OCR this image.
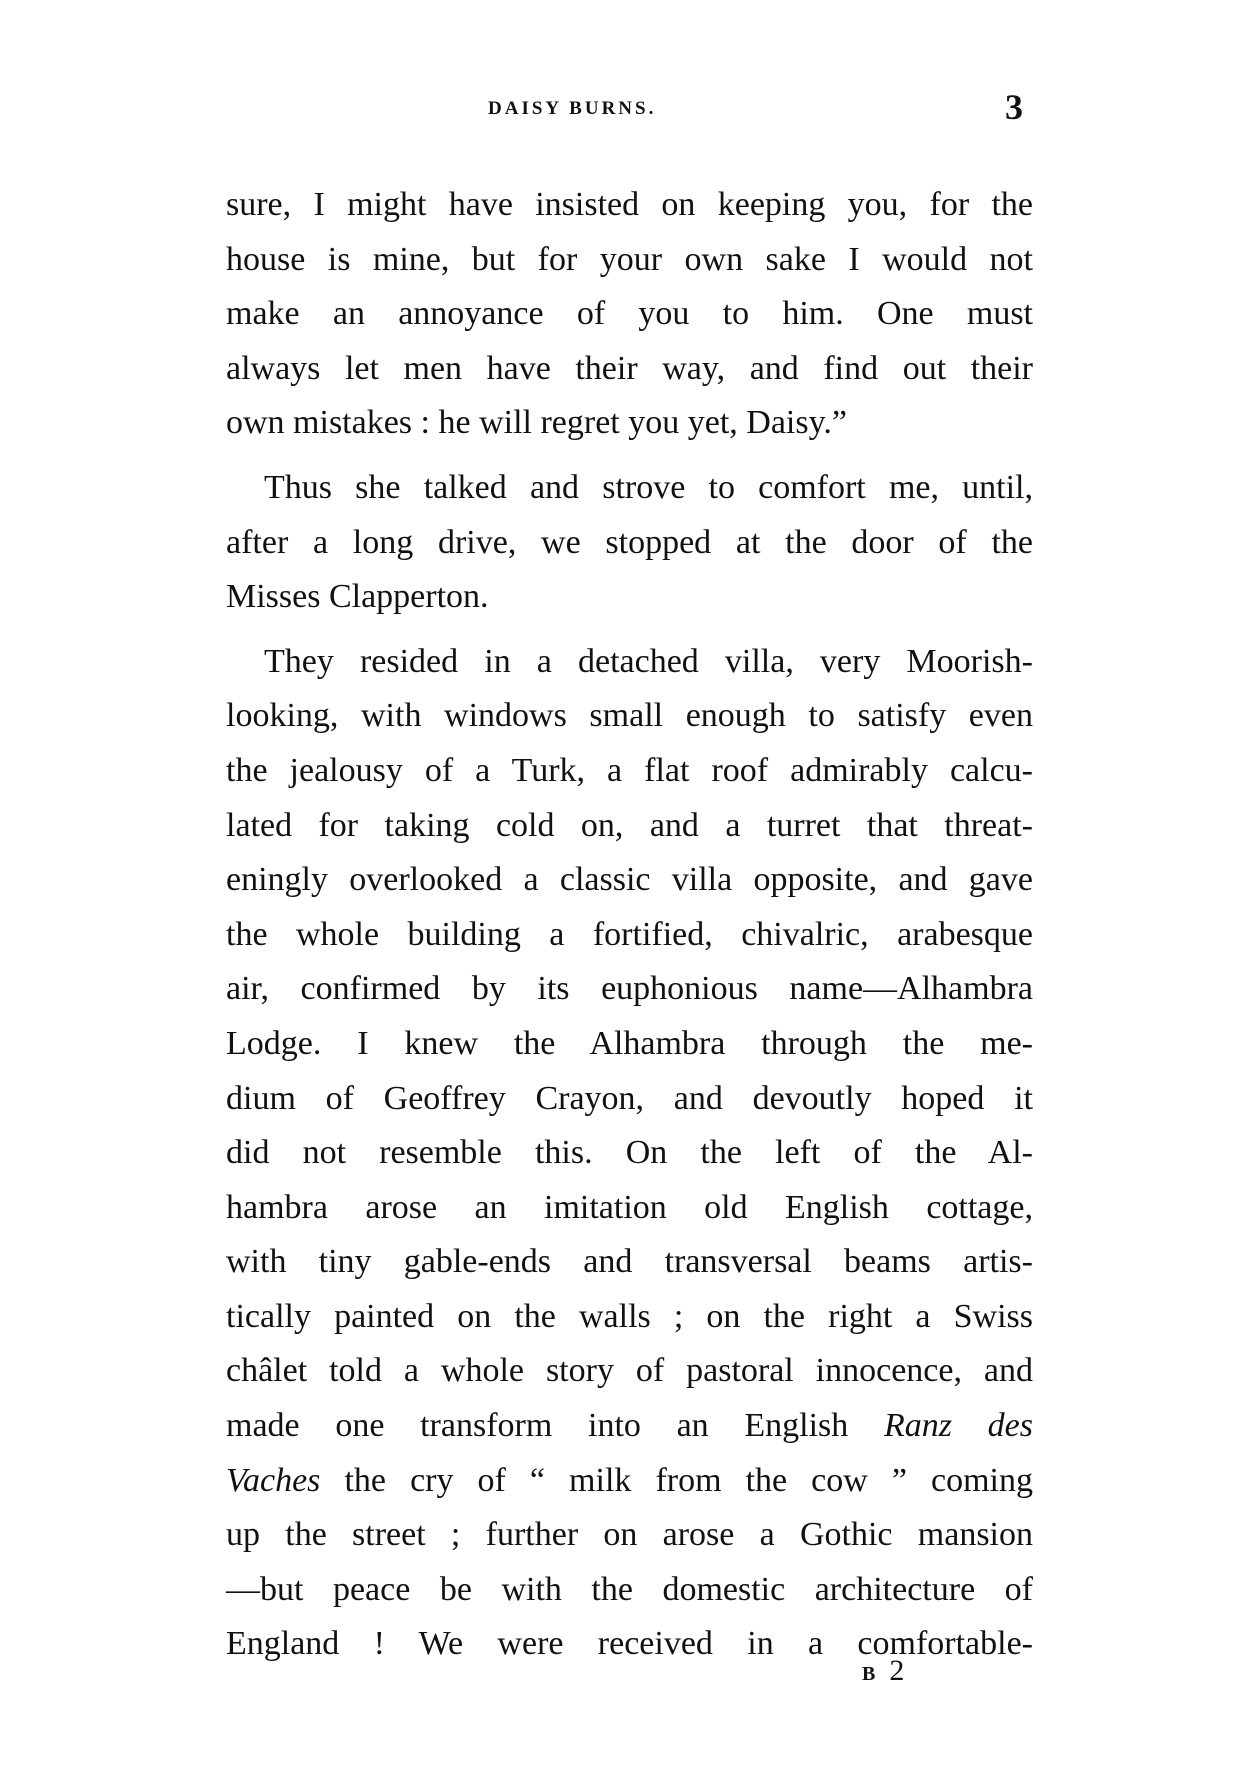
DAISY BURNS.	3
sure, I might have insisted on keeping you, for the
house is mine, but for your own sake I would not
make an annoyance of you to him. One must
always let men have their way, and find out their
own mistakes : he will regret you yet, Daisy.”
Thus she talked and strove to comfort me, until,
after a long drive, we stopped at the door of the
Misses Clapperton.
They resided in a detached villa, very Moorish-
looking, with windows small enough to satisfy even
the jealousy of a Turk, a flat roof admirably calcu-
lated for taking cold on, and a turret that threat-
eningly overlooked a classic villa opposite, and gave
the whole building a fortified, chivalric, arabesque
air, confirmed by its euphonious name—Alhambra
Lodge. I knew the Alhambra through the me-
dium of Geoffrey Crayon, and devoutly hoped it
did not resemble this. On the left of the Al-
hambra arose an imitation old English cottage,
with tiny gable-ends and transversal beams artis-
tically painted on the walls ; on the right a Swiss
châlet told a whole story of pastoral innocence, and
made one transform into an English Ranz des
Vaches the cry of “ milk from the cow ” coming
up the street ; further on arose a Gothic mansion
—but peace be with the domestic architecture of
England ! We were received in a comfortable-
B 2
